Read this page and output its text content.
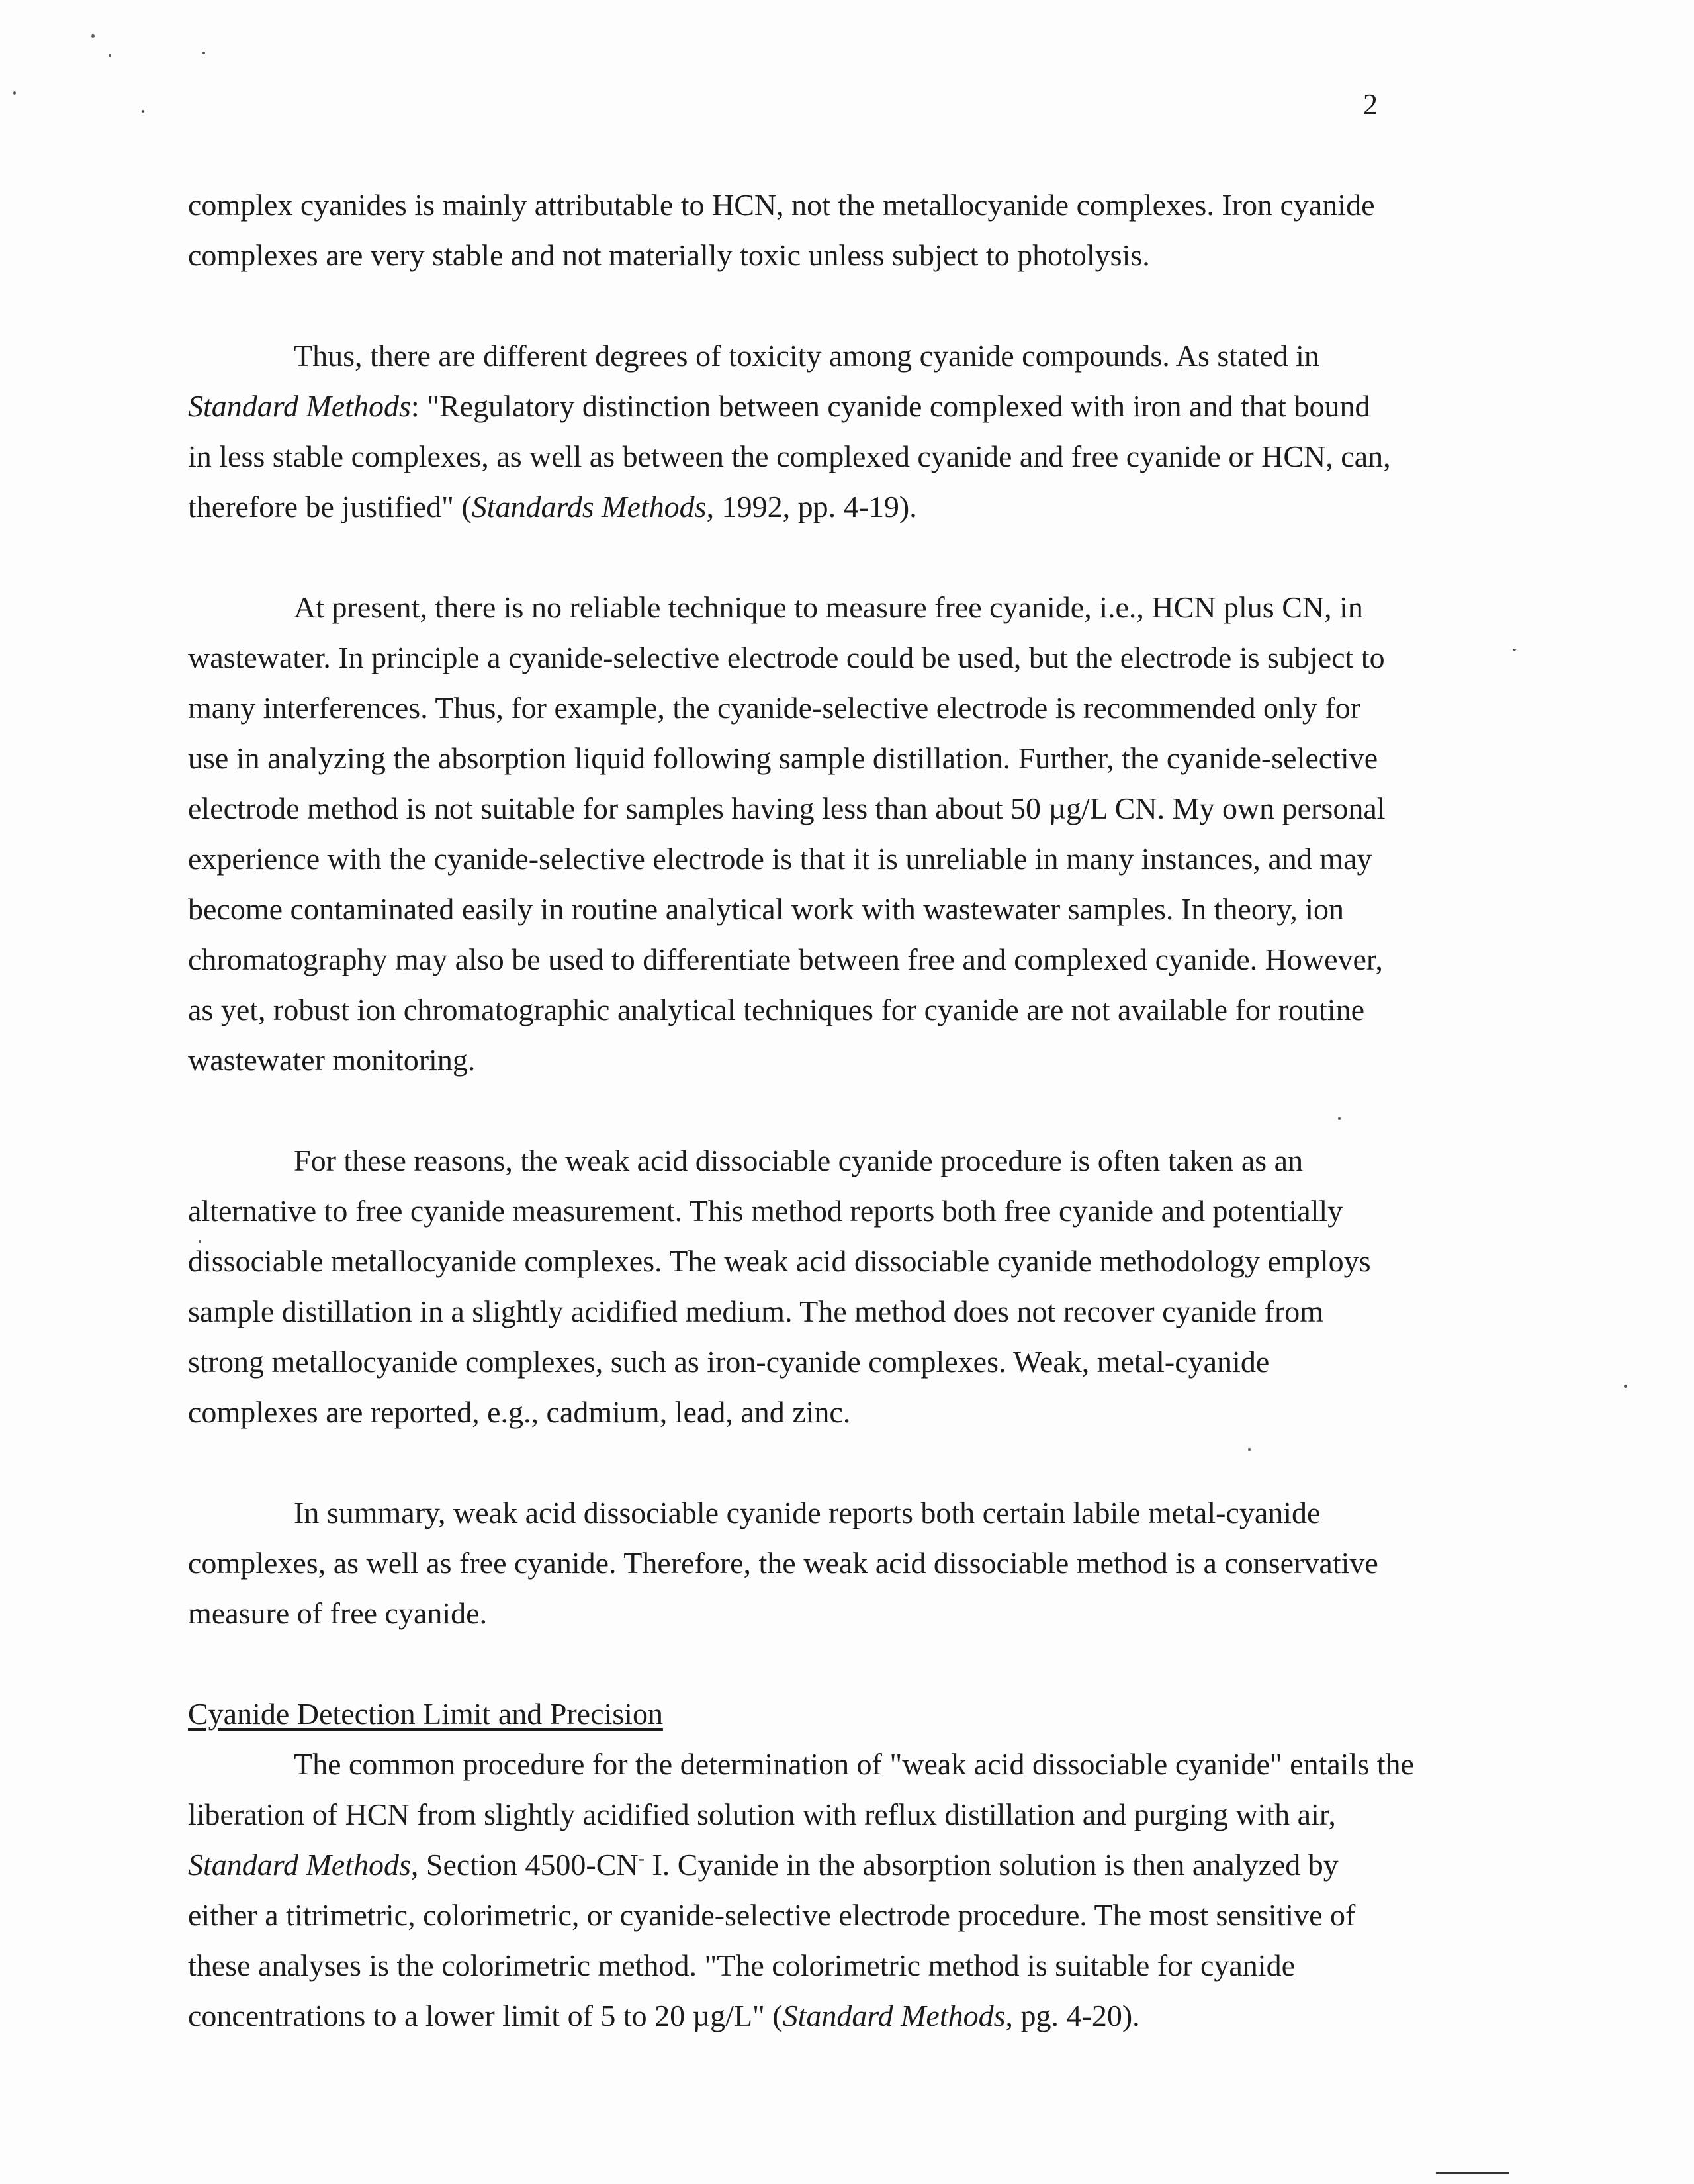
2
complex cyanides is mainly attributable to HCN, not the metallocyanide complexes. Iron cyanide
complexes are very stable and not materially toxic unless subject to photolysis.
Thus, there are different degrees of toxicity among cyanide compounds. As stated in
Standard Methods: "Regulatory distinction between cyanide complexed with iron and that bound
in less stable complexes, as well as between the complexed cyanide and free cyanide or HCN, can,
therefore be justified" (Standards Methods, 1992, pp. 4-19).
At present, there is no reliable technique to measure free cyanide, i.e., HCN plus CN, in
wastewater. In principle a cyanide-selective electrode could be used, but the electrode is subject to
many interferences. Thus, for example, the cyanide-selective electrode is recommended only for
use in analyzing the absorption liquid following sample distillation. Further, the cyanide-selective
electrode method is not suitable for samples having less than about 50 µg/L CN. My own personal
experience with the cyanide-selective electrode is that it is unreliable in many instances, and may
become contaminated easily in routine analytical work with wastewater samples. In theory, ion
chromatography may also be used to differentiate between free and complexed cyanide. However,
as yet, robust ion chromatographic analytical techniques for cyanide are not available for routine
wastewater monitoring.
For these reasons, the weak acid dissociable cyanide procedure is often taken as an
alternative to free cyanide measurement. This method reports both free cyanide and potentially
dissociable metallocyanide complexes. The weak acid dissociable cyanide methodology employs
sample distillation in a slightly acidified medium. The method does not recover cyanide from
strong metallocyanide complexes, such as iron-cyanide complexes. Weak, metal-cyanide
complexes are reported, e.g., cadmium, lead, and zinc.
In summary, weak acid dissociable cyanide reports both certain labile metal-cyanide
complexes, as well as free cyanide. Therefore, the weak acid dissociable method is a conservative
measure of free cyanide.
Cyanide Detection Limit and Precision
The common procedure for the determination of "weak acid dissociable cyanide" entails the
liberation of HCN from slightly acidified solution with reflux distillation and purging with air,
Standard Methods, Section 4500-CN- I. Cyanide in the absorption solution is then analyzed by
either a titrimetric, colorimetric, or cyanide-selective electrode procedure. The most sensitive of
these analyses is the colorimetric method. "The colorimetric method is suitable for cyanide
concentrations to a lower limit of 5 to 20 µg/L" (Standard Methods, pg. 4-20).
